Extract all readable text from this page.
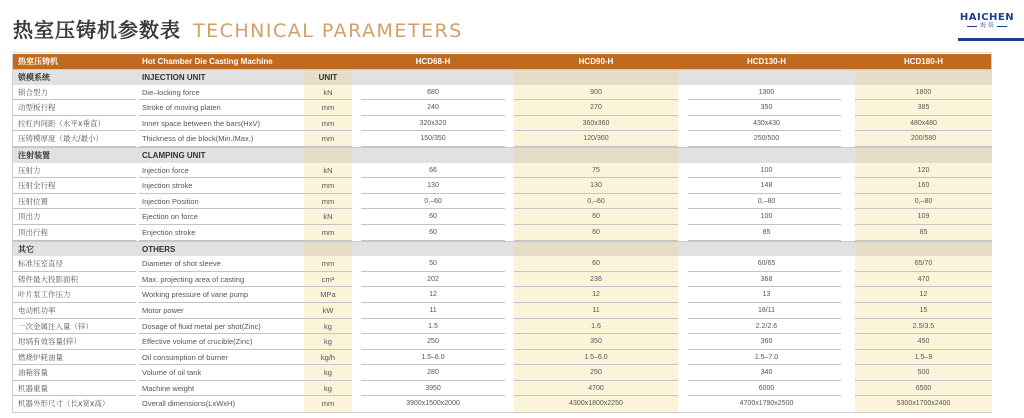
热室压铸机参数表 TECHNICAL PARAMETERS
HAICHEN
海 辰
热室压铸机	Hot Chamber Die Casting Machine	HCD68-H	HCD90-H	HCD130-H	HCD180-H
锁模系统	INJECTION UNIT	UNIT
锁合型力	Die–locking force	kN	680	900	1300	1800
动型板行程	Stroke of moving platen	mm	240	270	350	385
拉杠内间距（水平x垂直）	Inner space between the bars(HxV)	mm	320x320	360x360	430x430	480x480
压铸模厚度（最大/最小）	Thickness of die block(Min./Max.)	mm	150/350	120/360	250/500	200/580
注射装置	CLAMPING UNIT
压射力	Injection force	kN	66	75	100	120
压射全行程	Injection stroke	mm	130	130	148	160
压射位置	Injection Position	mm	0,–60	0,–60	0,–80	0,–80
顶出力	Ejection on force	kN	60	60	100	109
顶出行程	Enjection stroke	mm	60	60	85	85
其它	OTHERS
标准压室直径	Diameter of shot sleeve	mm	50	60	60/65	65/70
铸件最大投影面积	Max. projecting area of casting	cm²	202	236	368	470
叶片泵工作压力	Working pressure of vane pump	MPa	12	12	13	12
电动机功率	Motor power	kW	11	11	18/11	15
一次金属注入量（锌）	Dosage of fluid metal per shot(Zinc)	kg	1.5	1.6	2.2/2.6	2.5/3.5
坩埚有效容量(锌）	Effective volume of crucible(Zinc)	kg	250	350	360	450
燃烧炉耗油量	Oil consumption of burner	kg/h	1.5–6.0	1.5–6.0	1.5–7.0	1.5–9
油箱容量	Volume of oil tank	kg	280	250	340	500
机器重量	Machine weight	kg	3950	4700	6000	6500
机器外形尺寸（长x宽x高）	Overall dimensions(LxWxH)	mm	3900x1500x2000	4300x1800x2250	4700x1790x2500	5300x1700x2400
